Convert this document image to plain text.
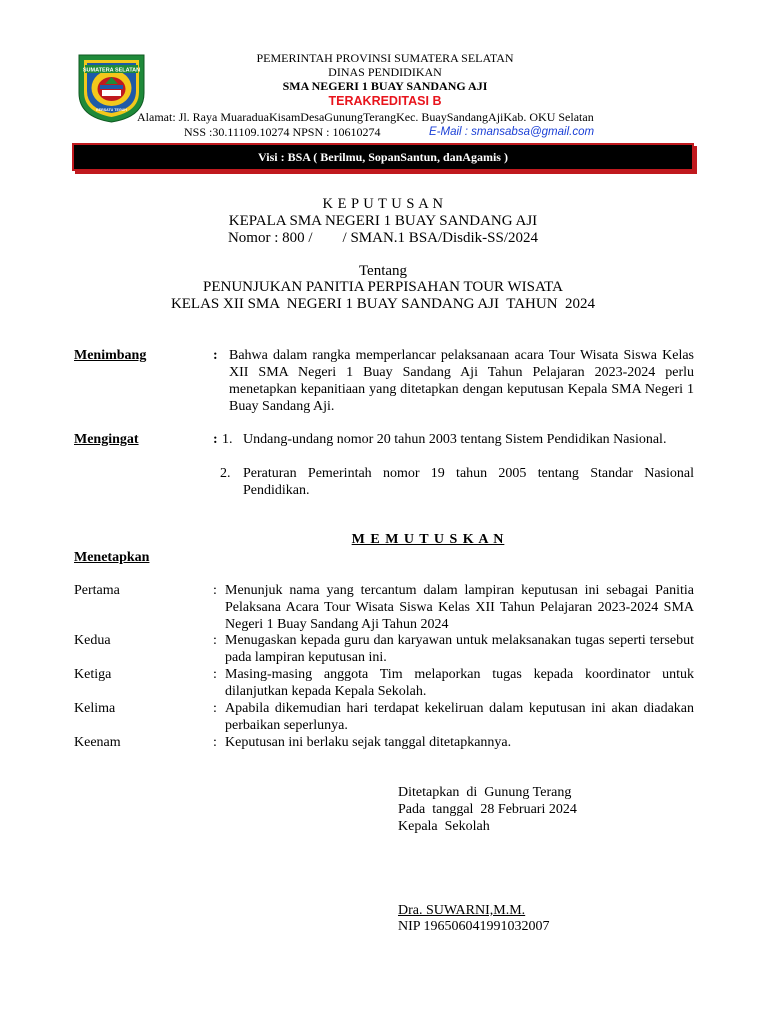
SUMATERA SELATAN
BERSATU TEGUH
PEMERINTAH PROVINSI SUMATERA SELATAN
DINAS PENDIDIKAN
SMA NEGERI 1 BUAY SANDANG AJI
TERAKREDITASI B
Alamat: Jl. Raya MuaraduaKisamDesaGunungTerangKec. BuaySandangAjiKab. OKU Selatan
NSS :30.11109.10274 NPSN : 10610274	E-Mail : smansabsa@gmail.com
Visi : BSA ( Berilmu, SopanSantun, danAgamis )
K E P U T U S A N
KEPALA SMA NEGERI 1 BUAY SANDANG AJI
Nomor : 800 /        / SMAN.1 BSA/Disdik-SS/2024
Tentang
PENUNJUKAN PANITIA PERPISAHAN TOUR WISATA
KELAS XII SMA  NEGERI 1 BUAY SANDANG AJI  TAHUN  2024
Menimbang	: Bahwa dalam rangka memperlancar pelaksanaan acara Tour Wisata Siswa Kelas XII SMA Negeri 1 Buay Sandang Aji Tahun Pelajaran 2023-2024 perlu menetapkan kepanitiaan yang ditetapkan dengan keputusan Kepala SMA Negeri 1 Buay Sandang Aji.
Mengingat	: 1. Undang-undang nomor 20 tahun 2003 tentang Sistem Pendidikan Nasional.
2. Peraturan Pemerintah nomor 19 tahun 2005 tentang Standar Nasional Pendidikan.
M E M U T U S K A N
Menetapkan
Pertama	: Menunjuk nama yang tercantum dalam lampiran keputusan ini sebagai Panitia Pelaksana Acara Tour Wisata Siswa Kelas XII Tahun Pelajaran 2023-2024 SMA Negeri 1 Buay Sandang Aji Tahun 2024
Kedua	: Menugaskan kepada guru dan karyawan untuk melaksanakan tugas seperti tersebut pada lampiran keputusan ini.
Ketiga	: Masing-masing anggota Tim melaporkan tugas kepada koordinator untuk dilanjutkan kepada Kepala Sekolah.
Kelima	: Apabila dikemudian hari terdapat kekeliruan dalam keputusan ini akan diadakan perbaikan seperlunya.
Keenam	: Keputusan ini berlaku sejak tanggal ditetapkannya.
Ditetapkan  di  Gunung Terang
Pada  tanggal  28 Februari 2024
Kepala  Sekolah
Dra. SUWARNI,M.M.
NIP 196506041991032007
